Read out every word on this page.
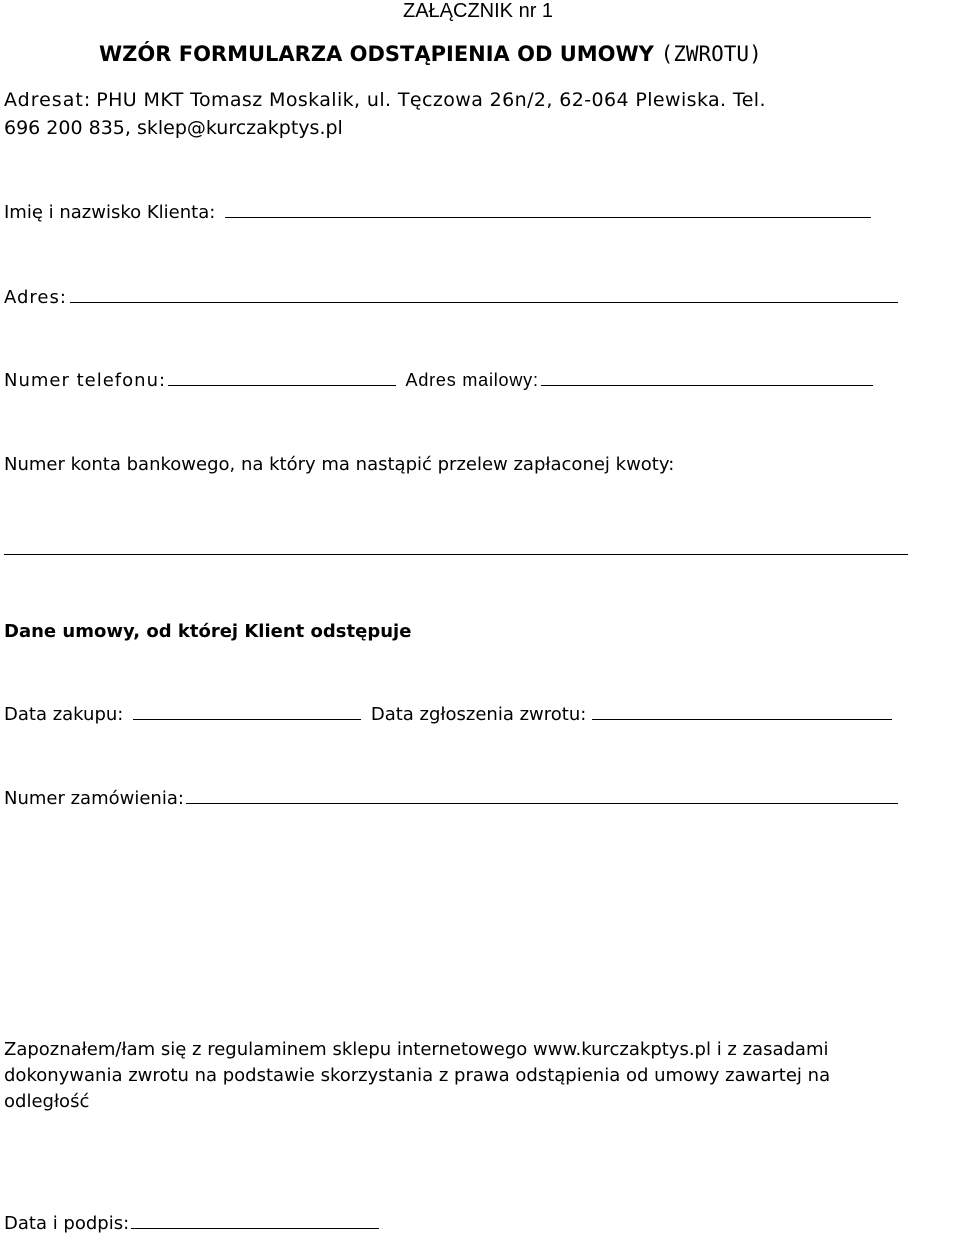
ZAŁĄCZNIK nr 1
WZÓR FORMULARZA ODSTĄPIENIA OD UMOWY (ZWROTU)
Adresat: PHU MKT Tomasz Moskalik, ul. Tęczowa 26n/2, 62-064 Plewiska. Tel.
696 200 835, sklep@kurczakptys.pl
Imię i nazwisko Klienta:
Adres:
Numer telefonu:	Adres mailowy:
Numer konta bankowego, na który ma nastąpić przelew zapłaconej kwoty:
Dane umowy, od której Klient odstępuje
Data zakupu:	Data zgłoszenia zwrotu:
Numer zamówienia:
Zapoznałem/łam się z regulaminem sklepu internetowego www.kurczakptys.pl i z zasadami
dokonywania zwrotu na podstawie skorzystania z prawa odstąpienia od umowy zawartej na
odległość
Data i podpis:
